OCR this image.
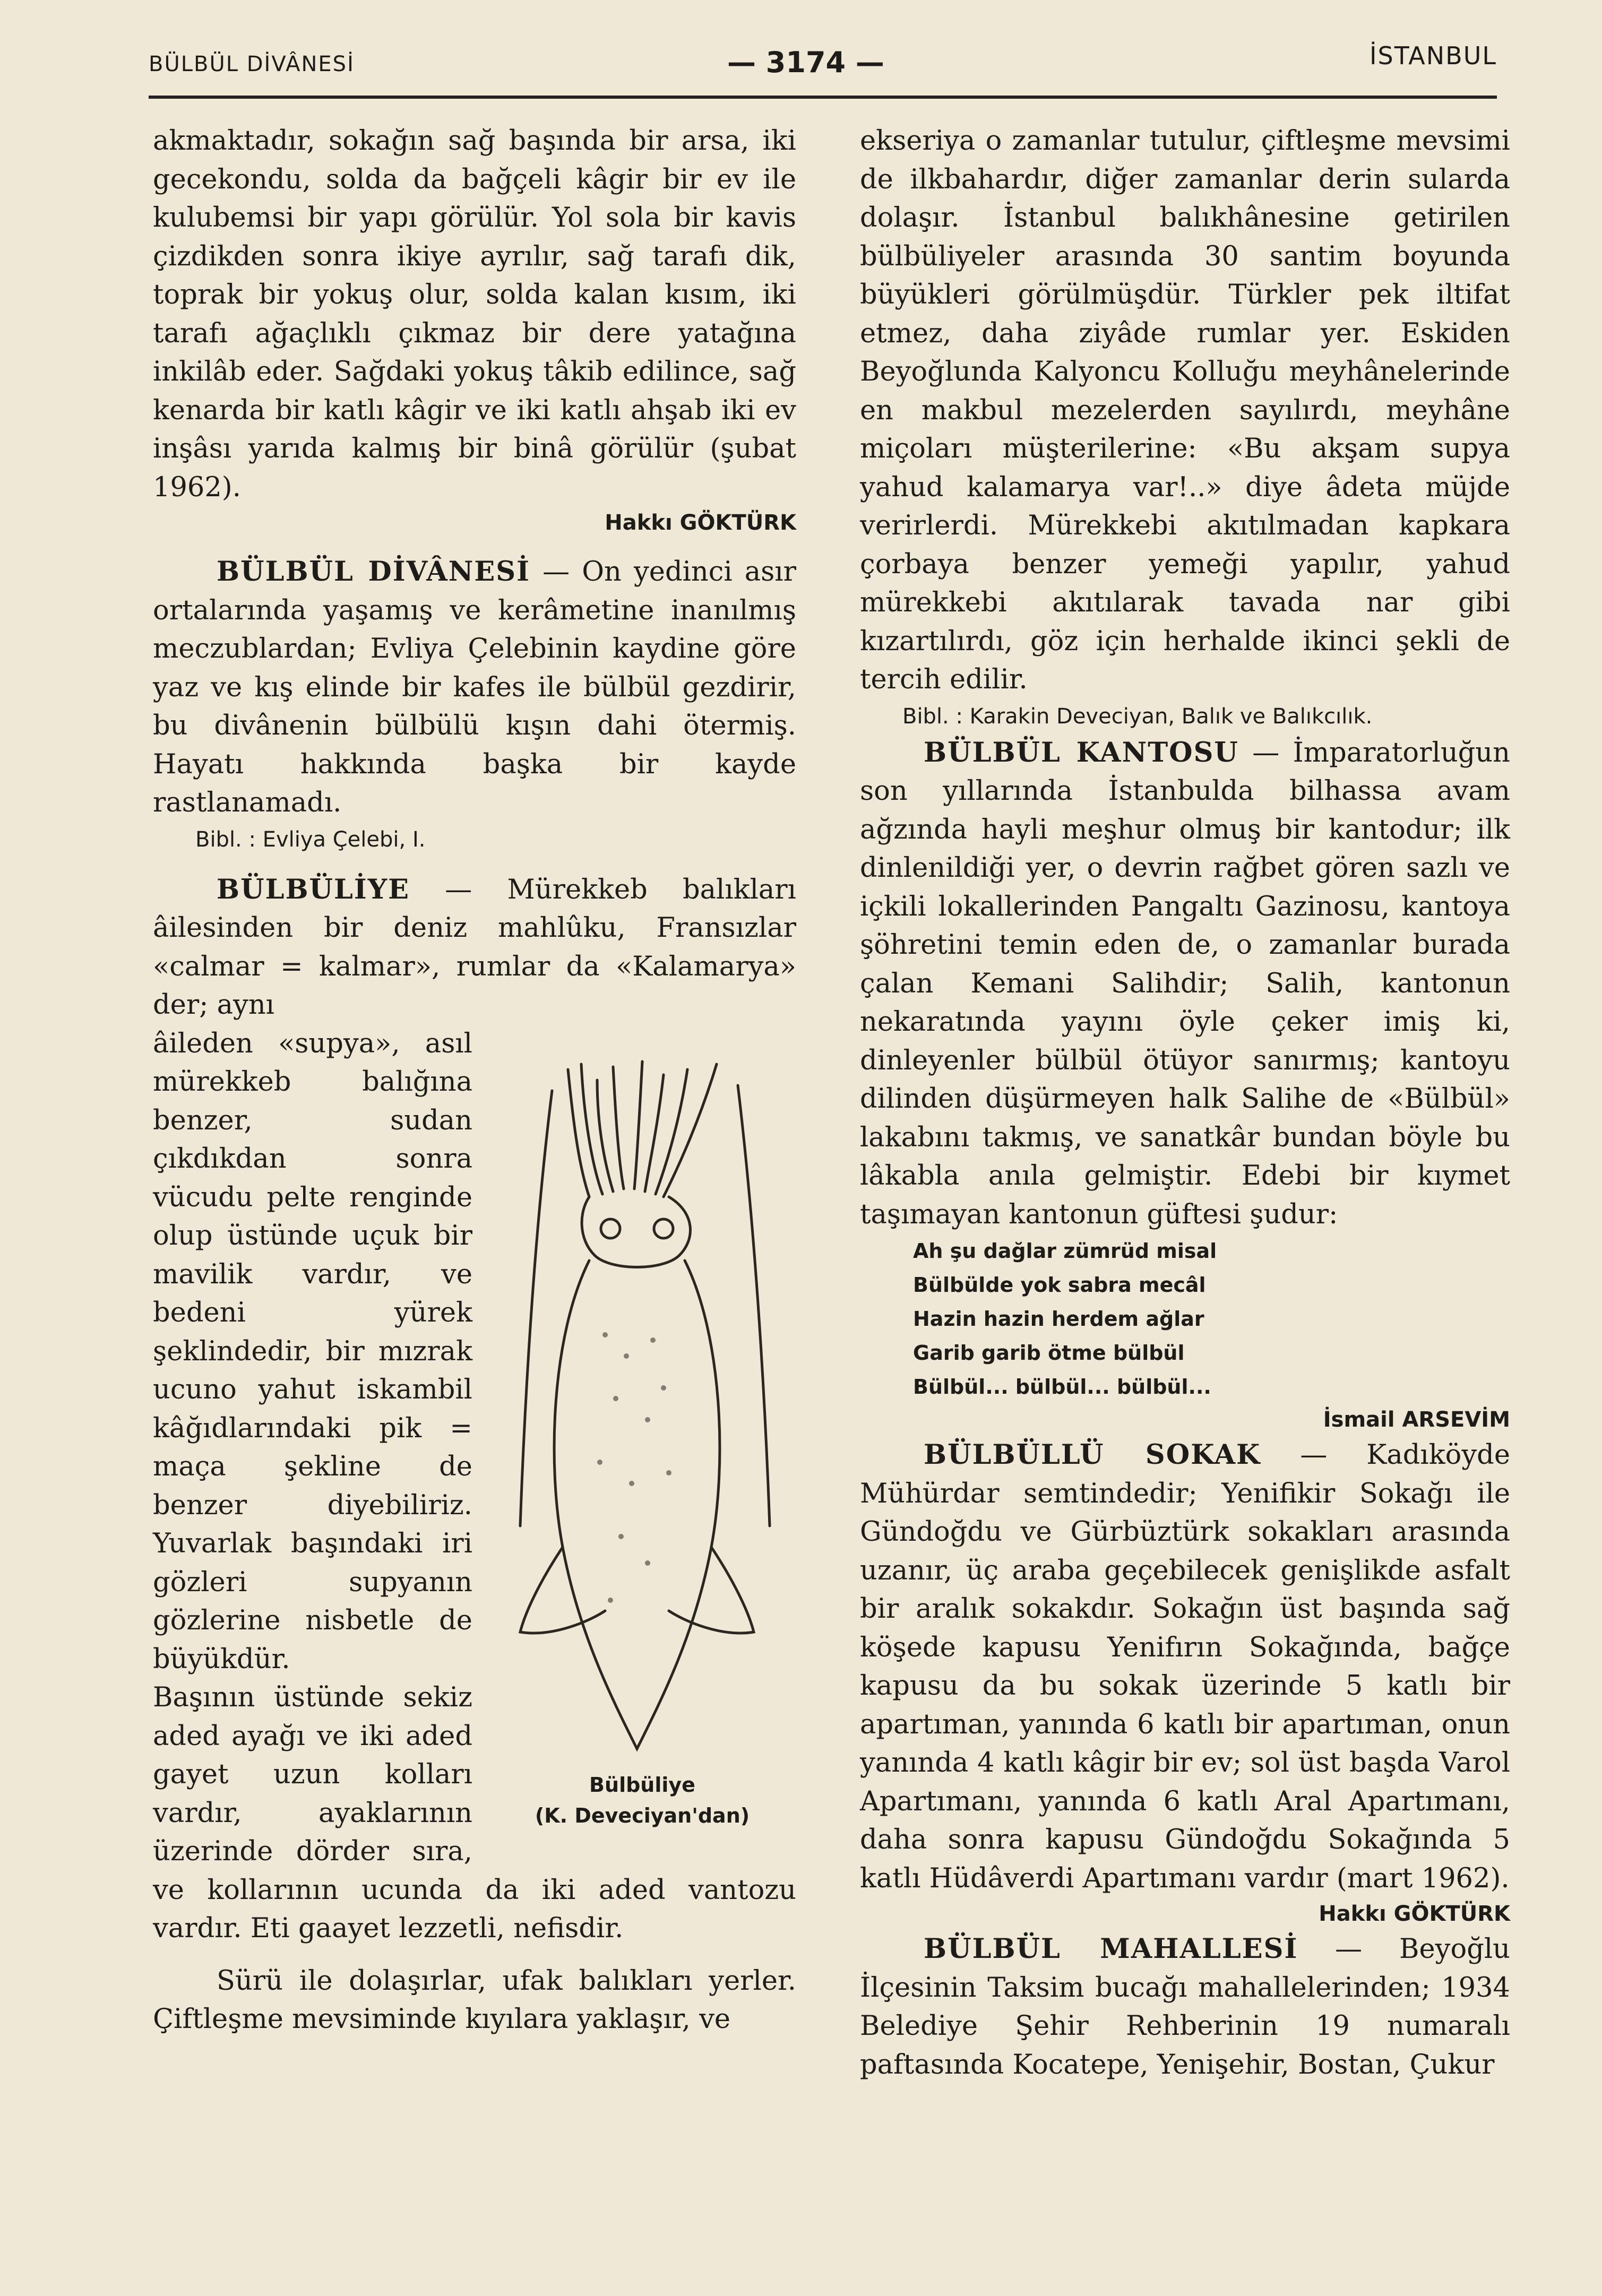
BÜLBÜL DİVÂNESİ	— 3174 —	İSTANBUL

akmaktadır, sokağın sağ başında bir arsa, iki gecekondu, solda da bağçeli kâgir bir ev ile kulubemsi bir yapı görülür. Yol sola bir kavis çizdikden sonra ikiye ayrılır, sağ tarafı dik, toprak bir yokuş olur, solda kalan kısım, iki tarafı ağaçlıklı çıkmaz bir dere yatağına inkilâb eder. Sağdaki yokuş tâkib edilince, sağ kenarda bir katlı kâgir ve iki katlı ahşab iki ev inşâsı yarıda kalmış bir binâ görülür (şubat 1962).

Hakkı GÖKTÜRK

BÜLBÜL DİVÂNESİ — On yedinci asır ortalarında yaşamış ve kerâmetine inanılmış meczublardan; Evliya Çelebinin kaydine göre yaz ve kış elinde bir kafes ile bülbül gezdirir, bu divânenin bülbülü kışın dahi ötermiş. Hayatı hakkında başka bir kayde rastlanamadı.

Bibl. : Evliya Çelebi, I.

BÜLBÜLİYE — Mürekkeb balıkları âilesinden bir deniz mahlûku, Fransızlar «calmar = kalmar», rumlar da «Kalamarya» der; aynı

Bülbüliye
(K. Deveciyan'dan)

âileden «supya», asıl mürekkeb balığına benzer, sudan çıkdıkdan sonra vücudu pelte renginde olup üstünde uçuk bir mavilik vardır, ve bedeni yürek şeklindedir, bir mızrak ucuno yahut iskambil kâğıdlarındaki pik = maça şekline de benzer diyebiliriz. Yuvarlak başındaki iri gözleri supyanın gözlerine nisbetle de büyükdür.

Başının üstünde sekiz aded ayağı ve iki aded gayet uzun kolları vardır, ayaklarının üzerinde dörder sıra, ve kollarının ucunda da iki aded vantozu vardır. Eti gaayet lezzetli, nefisdir.

Sürü ile dolaşırlar, ufak balıkları yerler. Çiftleşme mevsiminde kıyılara yaklaşır, ve

ekseriya o zamanlar tutulur, çiftleşme mevsimi de ilkbahardır, diğer zamanlar derin sularda dolaşır. İstanbul balıkhânesine getirilen bülbüliyeler arasında 30 santim boyunda büyükleri görülmüşdür. Türkler pek iltifat etmez, daha ziyâde rumlar yer. Eskiden Beyoğlunda Kalyoncu Kolluğu meyhânelerinde en makbul mezelerden sayılırdı, meyhâne miçoları müşterilerine: «Bu akşam supya yahud kalamarya var!..» diye âdeta müjde verirlerdi. Mürekkebi akıtılmadan kapkara çorbaya benzer yemeği yapılır, yahud mürekkebi akıtılarak tavada nar gibi kızartılırdı, göz için herhalde ikinci şekli de tercih edilir.

Bibl. : Karakin Deveciyan, Balık ve Balıkcılık.

BÜLBÜL KANTOSU — İmparatorluğun son yıllarında İstanbulda bilhassa avam ağzında hayli meşhur olmuş bir kantodur; ilk dinlenildiği yer, o devrin rağbet gören sazlı ve içkili lokallerinden Pangaltı Gazinosu, kantoya şöhretini temin eden de, o zamanlar burada çalan Kemani Salihdir; Salih, kantonun nekaratında yayını öyle çeker imiş ki, dinleyenler bülbül ötüyor sanırmış; kantoyu dilinden düşürmeyen halk Salihe de «Bülbül» lakabını takmış, ve sanatkâr bundan böyle bu lâkabla anıla gelmiştir. Edebi bir kıymet taşımayan kantonun güftesi şudur:

Ah şu dağlar zümrüd misal
Bülbülde yok sabra mecâl
Hazin hazin herdem ağlar
Garib garib ötme bülbül
Bülbül... bülbül... bülbül...

İsmail ARSEVİM

BÜLBÜLLÜ SOKAK — Kadıköyde Mühürdar semtindedir; Yenifikir Sokağı ile Gündoğdu ve Gürbüztürk sokakları arasında uzanır, üç araba geçebilecek genişlikde asfalt bir aralık sokakdır. Sokağın üst başında sağ köşede kapusu Yenifırın Sokağında, bağçe kapusu da bu sokak üzerinde 5 katlı bir apartıman, yanında 6 katlı bir apartıman, onun yanında 4 katlı kâgir bir ev; sol üst başda Varol Apartımanı, yanında 6 katlı Aral Apartımanı, daha sonra kapusu Gündoğdu Sokağında 5 katlı Hüdâverdi Apartımanı vardır (mart 1962).

Hakkı GÖKTÜRK

BÜLBÜL MAHALLESİ — Beyoğlu İlçesinin Taksim bucağı mahallelerinden; 1934 Belediye Şehir Rehberinin 19 numaralı paftasında Kocatepe, Yenişehir, Bostan, Çukur
